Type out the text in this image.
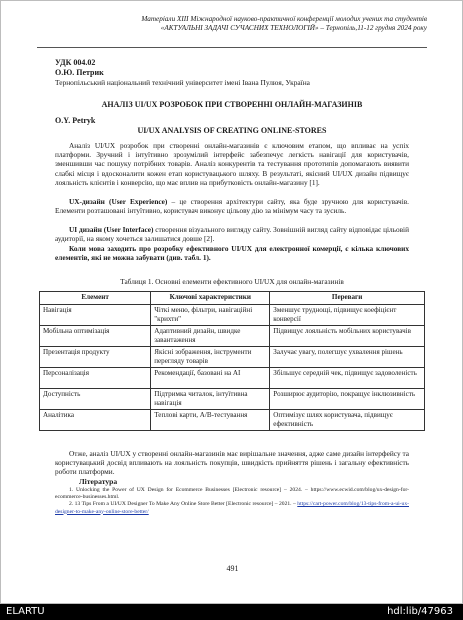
Матеріали XIII Міжнародної науково-практичної конференції молодих учених та студентів
«АКТУАЛЬНІ ЗАДАЧІ СУЧАСНИХ ТЕХНОЛОГІЙ» – Тернопіль,11-12 грудня 2024 року
УДК 004.02
О.Ю. Петрик
Тернопільський національний технічний університет імені Івана Пулюя, Україна
АНАЛІЗ UI/UX РОЗРОБОК ПРИ СТВОРЕННІ ОНЛАЙН-МАГАЗИНІВ
O.Y. Petryk
UI/UX ANALYSIS OF CREATING ONLINE-STORES

Аналіз UI/UX розробок при створенні онлайн-магазинів є ключовим етапом, що впливає на успіх платформи. Зручний і інтуїтивно зрозумілий інтерфейс забезпечує легкість навігації для користувачів, зменшивши час пошуку потрібних товарів. Аналіз конкурентів та тестування прототипів допомагають виявити слабкі місця і вдосконалити кожен етап користувацького шляху. В результаті, якісний UI/UX дизайн підвищує лояльність клієнтів і конверсію, що має вплив на прибутковість онлайн-магазину [1].

UX-дизайн (User Experience) – це створення архітектури сайту, яка буде зручною для користувачів. Елементи розташовані інтуїтивно, користувач виконує цільову дію за мінімум часу та зусиль.

UI дизайн (User Interface) створення візуального вигляду сайту. Зовнішній вигляд сайту відповідає цільовій аудиторії, на якому хочеться залишатися довше [2].

Коли мова заходить про розробку ефективного UI/UX для електронної комерції, є кілька ключових елементів, які не можна забувати (див. табл. 1).

Таблиця 1. Основні елементи ефективного UI/UX для онлайн-магазинів
Елемент	Ключові характеристики	Переваги
Навігація	Чіткі меню, фільтри, навігаційні "крихти"	Зменшує труднощі, підвищує коефіцієнт конверсії
Мобільна оптимізація	Адаптивний дизайн, швидке завантаження	Підвищує лояльність мобільних користувачів
Презентація продукту	Якісні зображення, інструменти перегляду товарів	Залучає увагу, полегшує ухвалення рішень
Персоналізація	Рекомендації, базовані на AI	Збільшує середній чек, підвищує задоволеність
Доступність	Підтримка читалок, інтуїтивна навігація	Розширює аудиторію, покращує інклюзивність
Аналітика	Теплові карти, A/B-тестування	Оптимізує шлях користувача, підвищує ефективність

Отже, аналіз UI/UX у створенні онлайн-магазинів має вирішальне значення, адже саме дизайн інтерфейсу та користувацький досвід впливають на лояльність покупців, швидкість прийняття рішень і загальну ефективність роботи платформи.

Література

1. Unlocking the Power of UX Design for Ecommerce Businesses [Electronic resource] – 2024. – https://www.ecwid.com/blog/ux-design-for-ecommerce-businesses.html.

2. 13 Tips From a UI/UX Designer To Make Any Online Store Better [Electronic resource] – 2021. – https://cart-power.com/blog/13-tips-from-a-ui-ux-designer-to-make-any-online-store-better/

491
ELARTU	hdl:lib/47963
